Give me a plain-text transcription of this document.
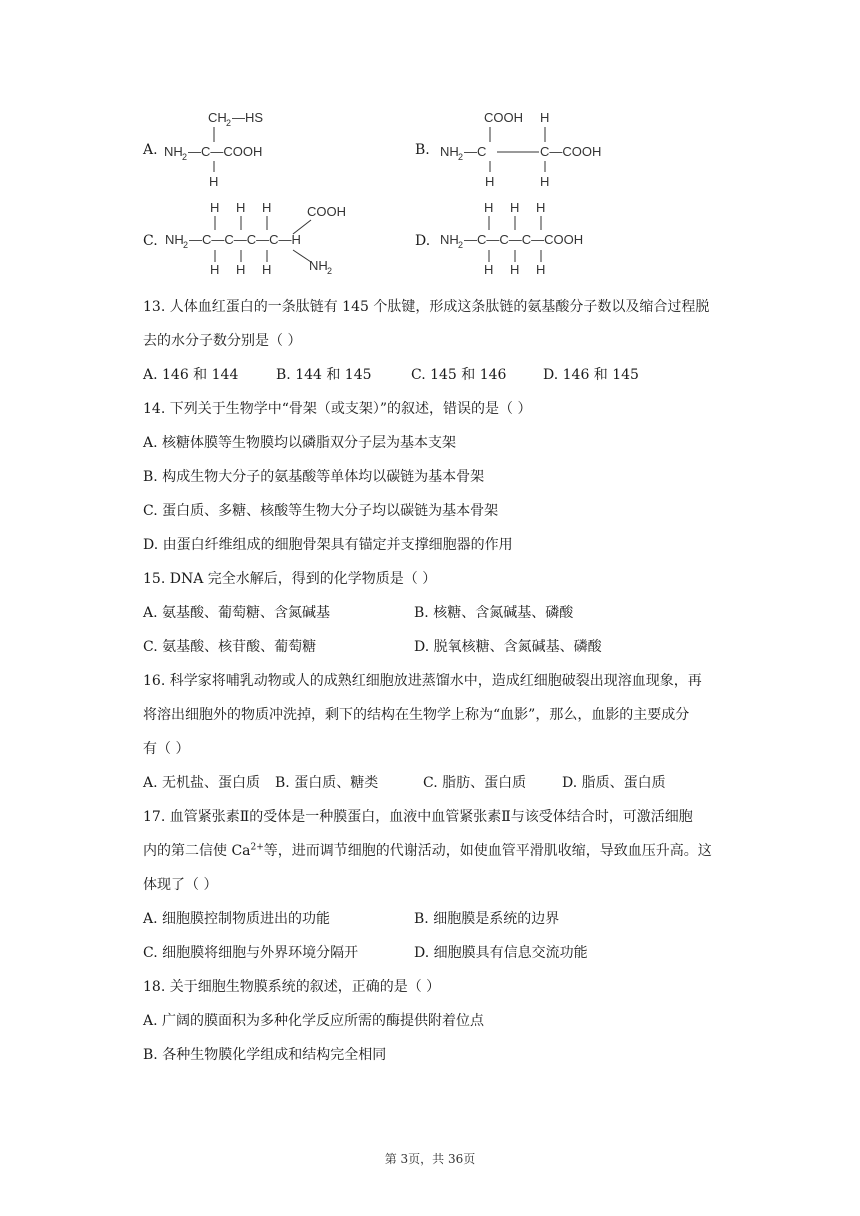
A.
CH 2 —HS
NH 2 —C—COOH
H
B.
COOH H
NH 2 —C	C—COOH
H	H
C.
H H H	COOH
NH 2 —C—C—C—C—H
H H H	NH 2
D.
H H H
NH 2 —C—C—C—COOH
H H H
13. 人体血红蛋白的一条肽链有 145 个肽键，形成这条肽链的氨基酸分子数以及缩合过程脱
去的水分子数分别是（ ）
A. 146 和 144	B. 144 和 145	C. 145 和 146	D. 146 和 145
14. 下列关于生物学中“骨架（或支架）”的叙述，错误的是（ ）
A. 核糖体膜等生物膜均以磷脂双分子层为基本支架
B. 构成生物大分子的氨基酸等单体均以碳链为基本骨架
C. 蛋白质、多糖、核酸等生物大分子均以碳链为基本骨架
D. 由蛋白纤维组成的细胞骨架具有锚定并支撑细胞器的作用
15. DNA 完全水解后，得到的化学物质是（ ）
A. 氨基酸、葡萄糖、含氮碱基	B. 核糖、含氮碱基、磷酸
C. 氨基酸、核苷酸、葡萄糖	D. 脱氧核糖、含氮碱基、磷酸
16. 科学家将哺乳动物或人的成熟红细胞放进蒸馏水中，造成红细胞破裂出现溶血现象，再
将溶出细胞外的物质冲洗掉，剩下的结构在生物学上称为“血影”，那么，血影的主要成分
有（ ）
A. 无机盐、蛋白质 B. 蛋白质、糖类	C. 脂肪、蛋白质	D. 脂质、蛋白质
17. 血管紧张素Ⅱ的受体是一种膜蛋白，血液中血管紧张素Ⅱ与该受体结合时，可激活细胞
内的第二信使 $Ca^{2+}$等，进而调节细胞的代谢活动，如使血管平滑肌收缩，导致血压升高。这
体现了（ ）
A. 细胞膜控制物质进出的功能	B. 细胞膜是系统的边界
C. 细胞膜将细胞与外界环境分隔开	D. 细胞膜具有信息交流功能
18. 关于细胞生物膜系统的叙述，正确的是（ ）
A. 广阔的膜面积为多种化学反应所需的酶提供附着位点
B. 各种生物膜化学组成和结构完全相同
第 3页，共 36页
